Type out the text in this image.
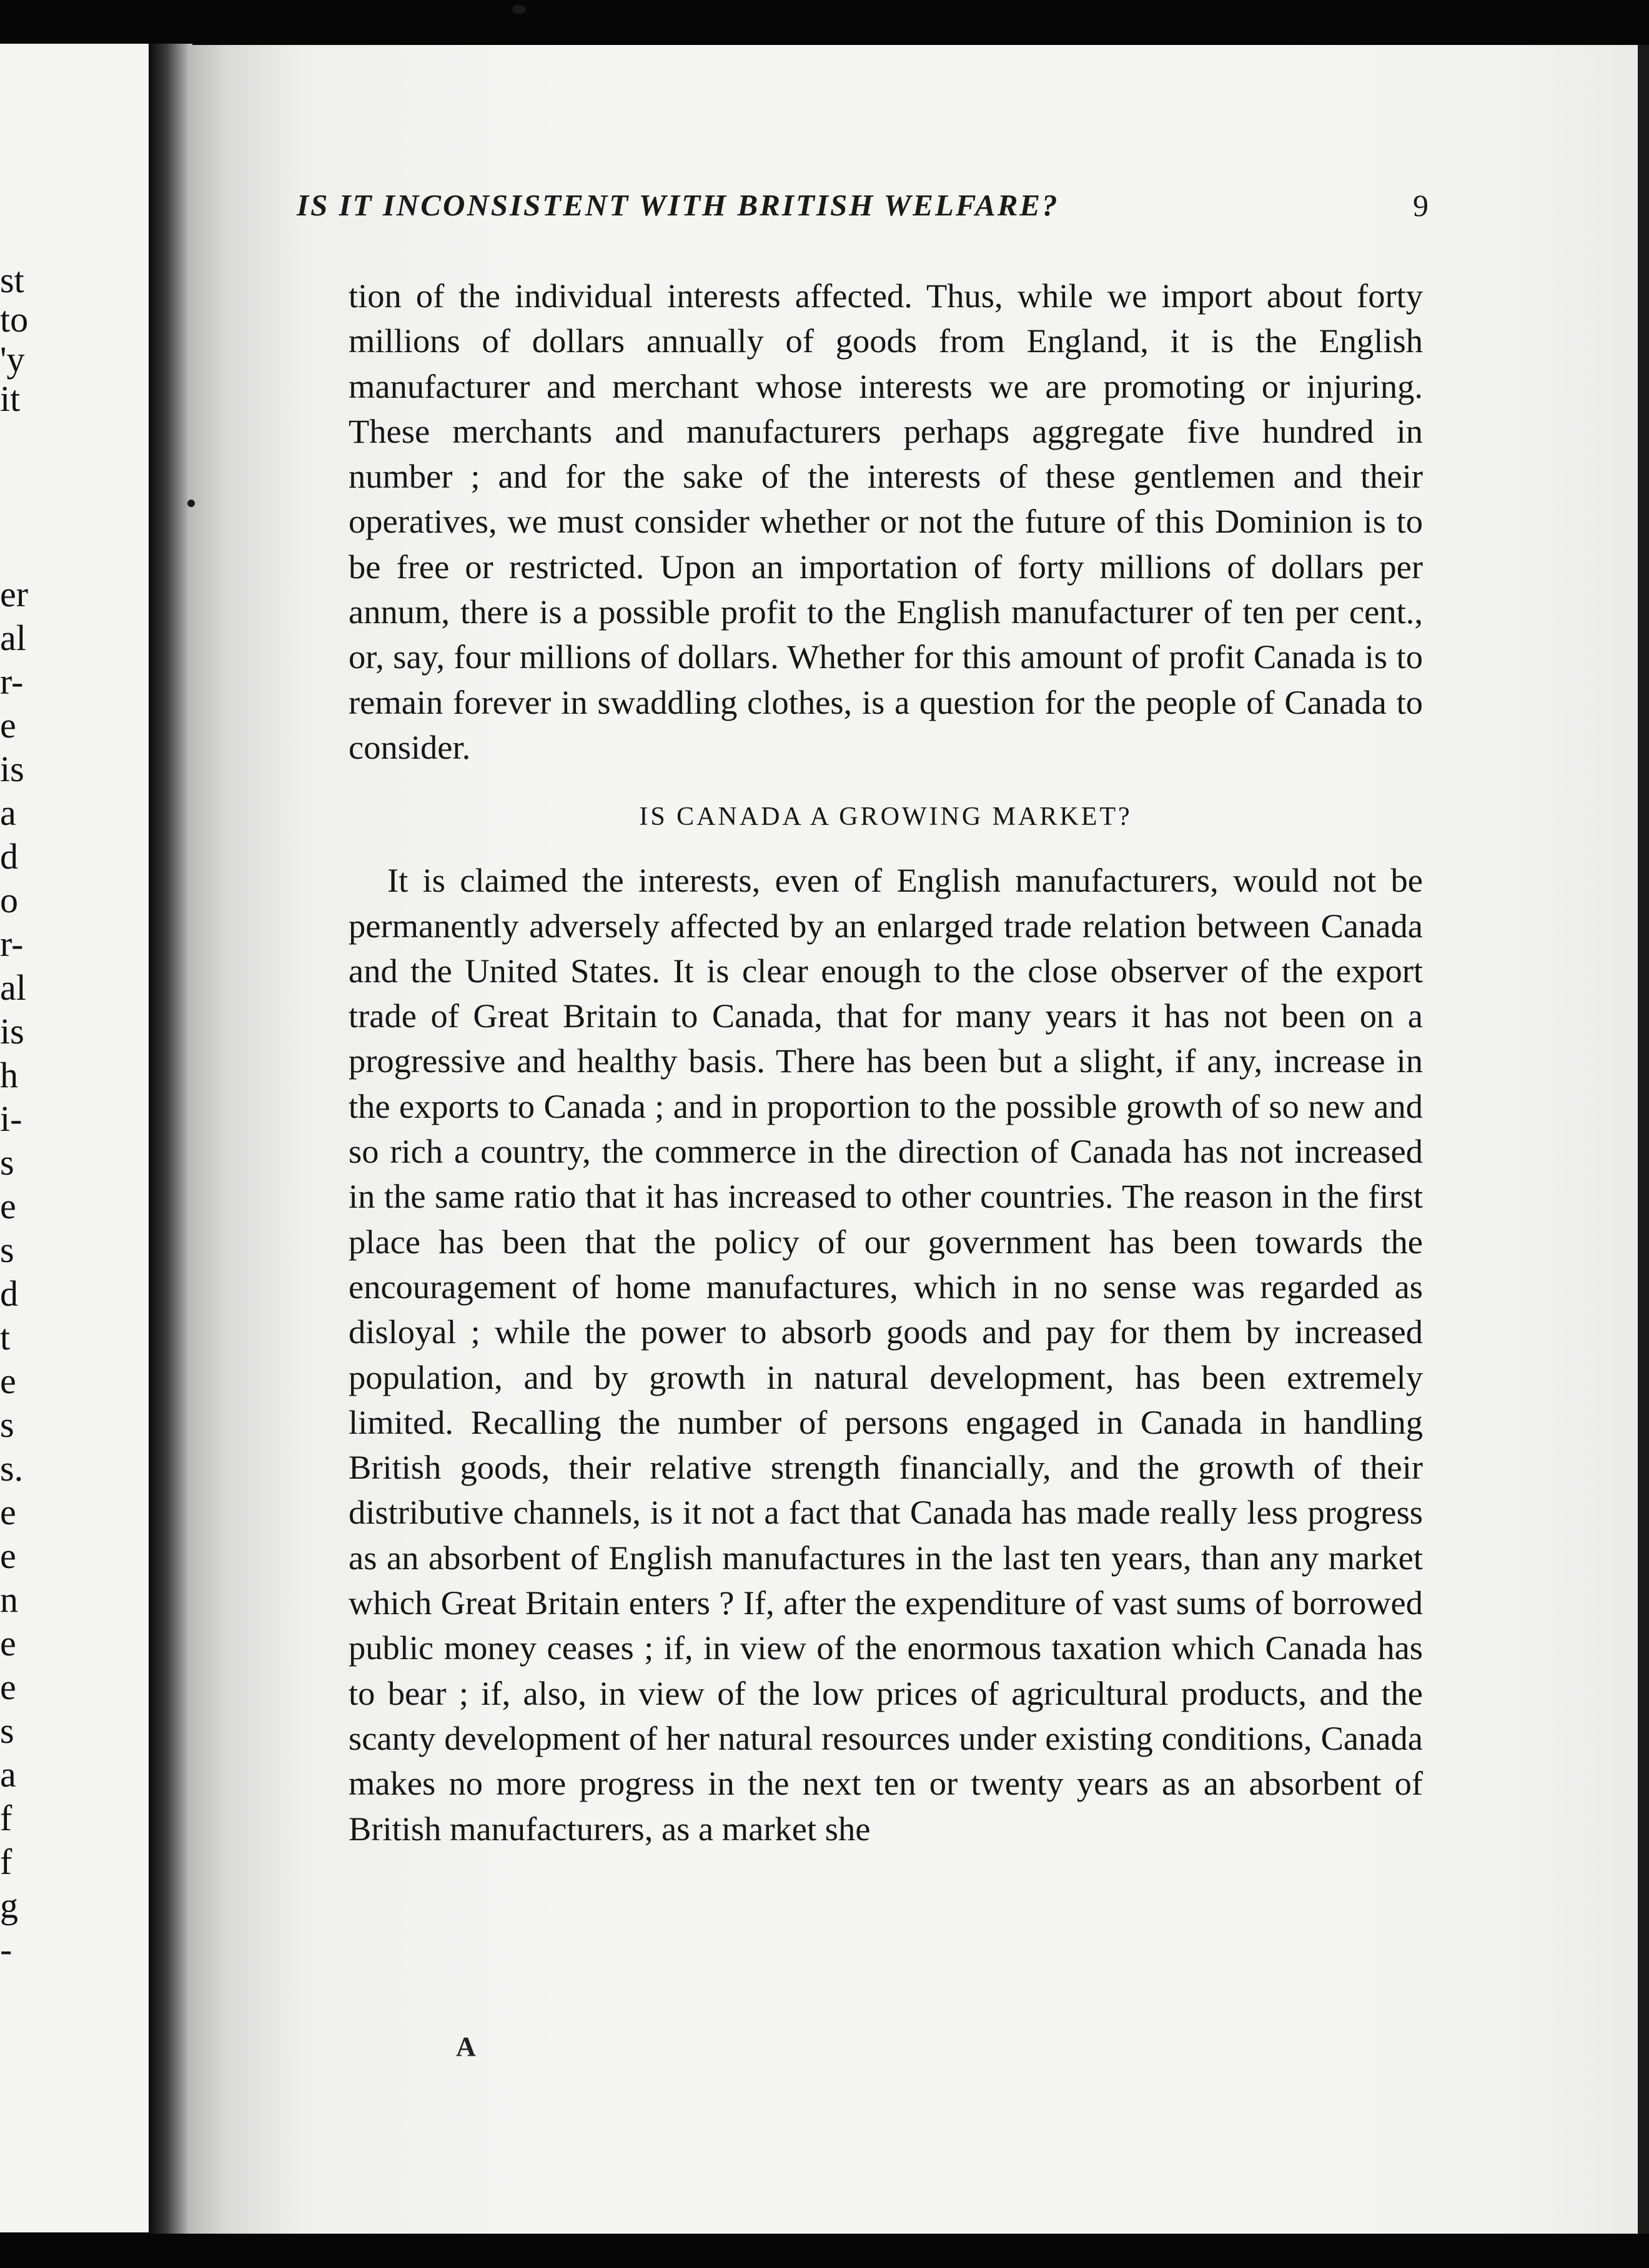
st
to
'y
it
er
al
r-
e
is
a
d
o
r-
al
is
h
i-
s
e
s
d
t
e
s
s.
e
e
n
e
e
s
a
f
f
g
-
IS IT INCONSISTENT WITH BRITISH WELFARE?	9

tion of the individual interests affected. Thus, while we import about forty millions of dollars annually of goods from England, it is the English manufacturer and merchant whose interests we are promoting or injuring. These merchants and manufacturers perhaps aggregate five hundred in number ; and for the sake of the interests of these gentlemen and their operatives, we must consider whether or not the future of this Dominion is to be free or restricted. Upon an importation of forty millions of dollars per annum, there is a possible profit to the English manufacturer of ten per cent., or, say, four millions of dollars. Whether for this amount of profit Canada is to remain forever in swaddling clothes, is a question for the people of Canada to consider.

IS CANADA A GROWING MARKET?

It is claimed the interests, even of English manufacturers, would not be permanently adversely affected by an enlarged trade relation between Canada and the United States. It is clear enough to the close observer of the export trade of Great Britain to Canada, that for many years it has not been on a progressive and healthy basis. There has been but a slight, if any, increase in the exports to Canada ; and in proportion to the possible growth of so new and so rich a country, the commerce in the direction of Canada has not increased in the same ratio that it has increased to other countries. The reason in the first place has been that the policy of our government has been towards the encouragement of home manufactures, which in no sense was regarded as disloyal ; while the power to absorb goods and pay for them by increased population, and by growth in natural development, has been extremely limited. Recalling the number of persons engaged in Canada in handling British goods, their relative strength financially, and the growth of their distributive channels, is it not a fact that Canada has made really less progress as an absorbent of English manufactures in the last ten years, than any market which Great Britain enters ? If, after the expenditure of vast sums of borrowed public money ceases ; if, in view of the enormous taxation which Canada has to bear ; if, also, in view of the low prices of agricultural products, and the scanty development of her natural resources under existing conditions, Canada makes no more progress in the next ten or twenty years as an absorbent of British manufacturers, as a market she

A
